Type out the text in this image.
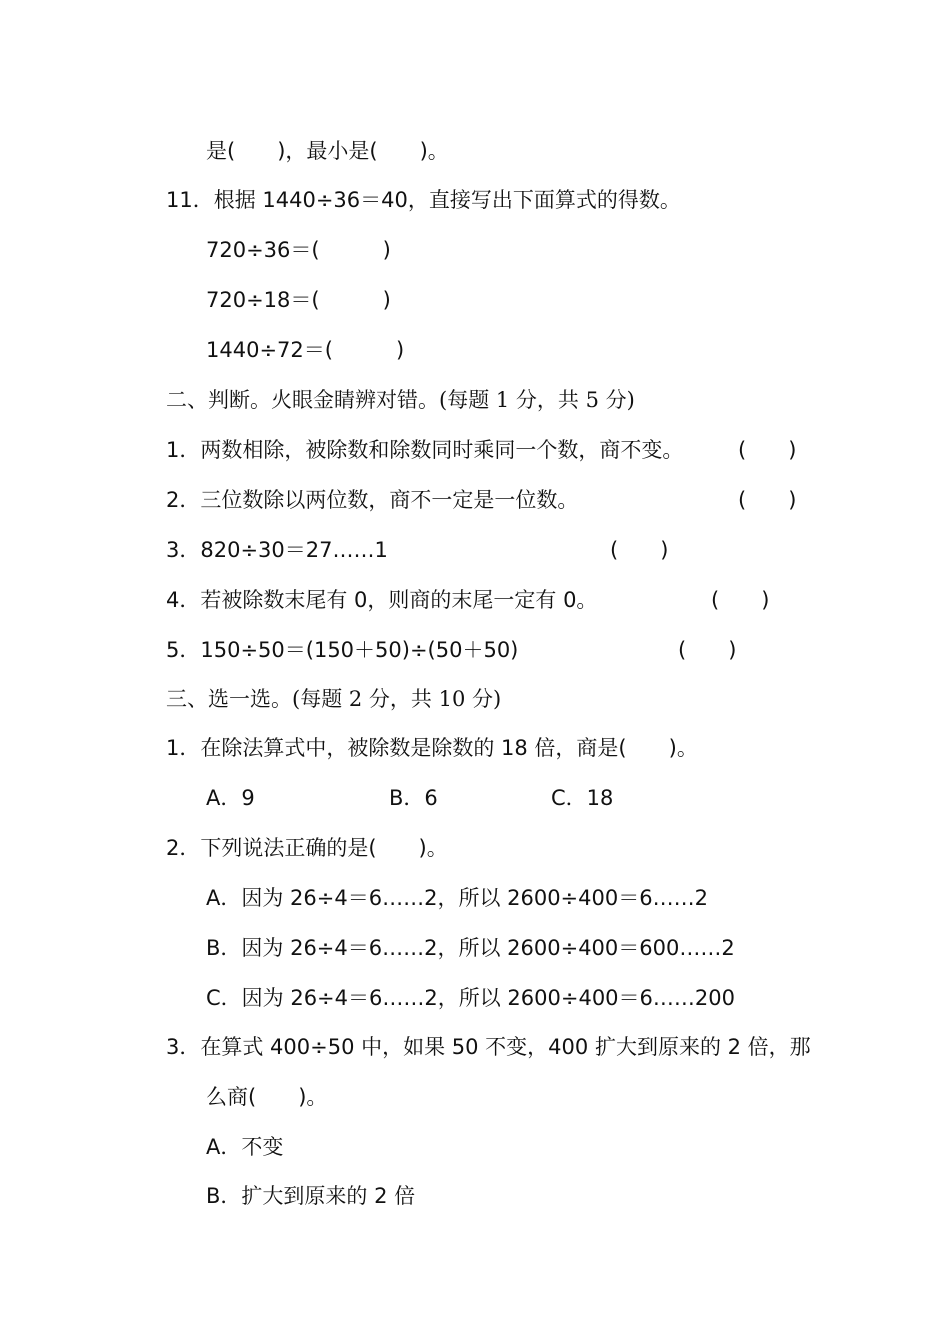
是(　　)，最小是(　　)。
11．根据 1440÷36＝40，直接写出下面算式的得数。
720÷36＝(　　　)
720÷18＝(　　　)
1440÷72＝(　　　)
二、判断。火眼金睛辨对错。(每题 1 分，共 5 分)
1．两数相除，被除数和除数同时乘同一个数，商不变。	(　　)
2．三位数除以两位数，商不一定是一位数。	(　　)
3．820÷30＝27……1	(　　)
4．若被除数末尾有 0，则商的末尾一定有 0。	(　　)
5．150÷50＝(150＋50)÷(50＋50)	(　　)
三、选一选。(每题 2 分，共 10 分)
1．在除法算式中，被除数是除数的 18 倍，商是(　　)。
A．9	B．6	C．18
2．下列说法正确的是(　　)。
A．因为 26÷4＝6……2，所以 2600÷400＝6……2
B．因为 26÷4＝6……2，所以 2600÷400＝600……2
C．因为 26÷4＝6……2，所以 2600÷400＝6……200
3．在算式 400÷50 中，如果 50 不变，400 扩大到原来的 2 倍，那
么商(　　)。
A．不变
B．扩大到原来的 2 倍
